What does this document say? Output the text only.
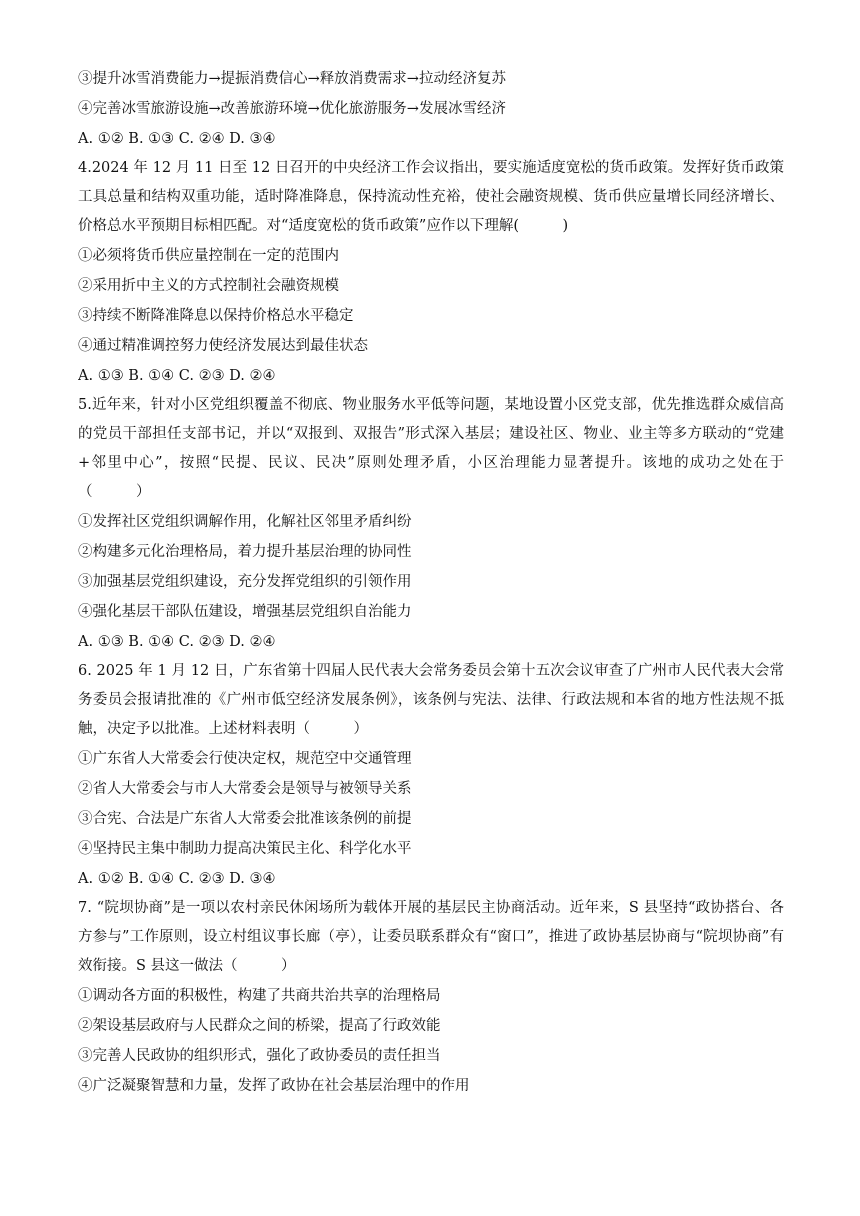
③提升冰雪消费能力→提振消费信心→释放消费需求→拉动经济复苏
④完善冰雪旅游设施→改善旅游环境→优化旅游服务→发展冰雪经济
A. ①② B. ①③ C. ②④ D. ③④
4.2024 年 12 月 11 日至 12 日召开的中央经济工作会议指出，要实施适度宽松的货币政策。发挥好货币政策工具总量和结构双重功能，适时降准降息，保持流动性充裕，使社会融资规模、货币供应量增长同经济增长、价格总水平预期目标相匹配。对“适度宽松的货币政策”应作以下理解(　　　)
①必须将货币供应量控制在一定的范围内
②采用折中主义的方式控制社会融资规模
③持续不断降准降息以保持价格总水平稳定
④通过精准调控努力使经济发展达到最佳状态
A. ①③ B. ①④ C. ②③ D. ②④
5.近年来，针对小区党组织覆盖不彻底、物业服务水平低等问题，某地设置小区党支部，优先推选群众威信高的党员干部担任支部书记，并以“双报到、双报告”形式深入基层；建设社区、物业、业主等多方联动的“党建+邻里中心”，按照“民提、民议、民决”原则处理矛盾，小区治理能力显著提升。该地的成功之处在于（　　　）
①发挥社区党组织调解作用，化解社区邻里矛盾纠纷
②构建多元化治理格局，着力提升基层治理的协同性
③加强基层党组织建设，充分发挥党组织的引领作用
④强化基层干部队伍建设，增强基层党组织自治能力
A. ①③ B. ①④ C. ②③ D. ②④
6. 2025 年 1 月 12 日，广东省第十四届人民代表大会常务委员会第十五次会议审查了广州市人民代表大会常务委员会报请批准的《广州市低空经济发展条例》，该条例与宪法、法律、行政法规和本省的地方性法规不抵触，决定予以批准。上述材料表明（　　　）
①广东省人大常委会行使决定权，规范空中交通管理
②省人大常委会与市人大常委会是领导与被领导关系
③合宪、合法是广东省人大常委会批准该条例的前提
④坚持民主集中制助力提高决策民主化、科学化水平
A. ①② B. ①④ C. ②③ D. ③④
7. “院坝协商”是一项以农村亲民休闲场所为载体开展的基层民主协商活动。近年来，S 县坚持“政协搭台、各方参与”工作原则，设立村组议事长廊（亭），让委员联系群众有“窗口”，推进了政协基层协商与“院坝协商”有效衔接。S 县这一做法（　　　）
①调动各方面的积极性，构建了共商共治共享的治理格局
②架设基层政府与人民群众之间的桥梁，提高了行政效能
③完善人民政协的组织形式，强化了政协委员的责任担当
④广泛凝聚智慧和力量，发挥了政协在社会基层治理中的作用
